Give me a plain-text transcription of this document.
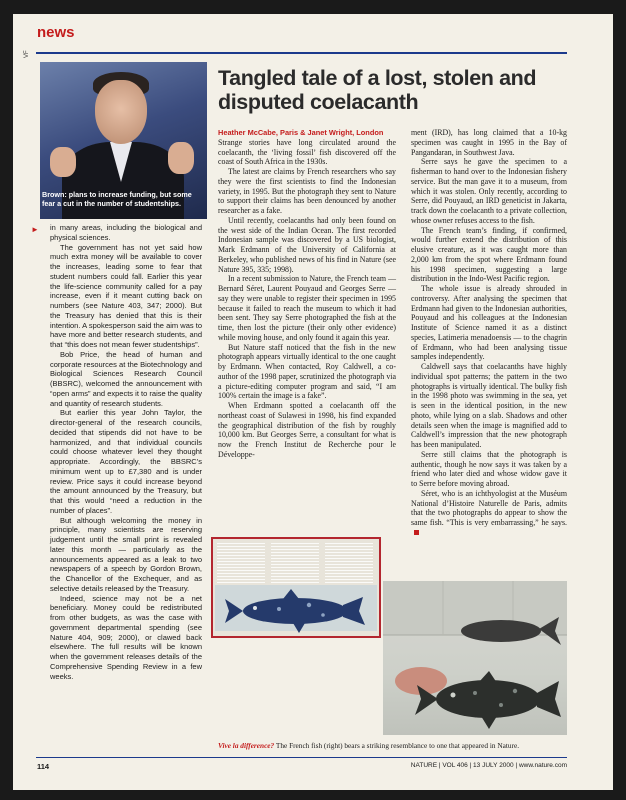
news
VF
Brown: plans to increase funding, but some fear a cut in the number of studentships.
► in many areas, including the biological and physical sciences.

The government has not yet said how much extra money will be available to cover the increases, leading some to fear that student numbers could fall. Earlier this year the life-science community called for a pay increase, even if it meant cutting back on numbers (see Nature 403, 347; 2000). But the Treasury has denied that this is their intention. A spokesperson said the aim was to have more and better research students, and that “this does not mean fewer studentships”.

Bob Price, the head of human and corporate resources at the Biotechnology and Biological Sciences Research Council (BBSRC), welcomed the announcement with “open arms” and expects it to raise the quality and quantity of research students.

But earlier this year John Taylor, the director-general of the research councils, decided that stipends did not have to be harmonized, and that individual councils could choose whatever level they thought appropriate. Accordingly, the BBSRC’s minimum went up to £7,380 and is under review. Price says it could increase beyond the amount announced by the Treasury, but that this would “need a reduction in the number of places”.

But although welcoming the money in principle, many scientists are reserving judgement until the small print is revealed later this month — particularly as the announcements appeared as a leak to two newspapers of a speech by Gordon Brown, the Chancellor of the Exchequer, and as selective details released by the Treasury.

Indeed, science may not be a net beneficiary. Money could be redistributed from other budgets, as was the case with government departmental spending (see Nature 404, 909; 2000), or clawed back elsewhere. The full results will be known when the government releases details of the Comprehensive Spending Review in a few weeks.

Tangled tale of a lost, stolen and disputed coelacanth
Heather McCabe, Paris & Janet Wright, London

Strange stories have long circulated around the coelacanth, the ‘living fossil’ fish discovered off the coast of South Africa in the 1930s.

The latest are claims by French researchers who say they were the first scientists to find the Indonesian variety, in 1995. But the photograph they sent to Nature to support their claims has been denounced by another researcher as a fake.

Until recently, coelacanths had only been found on the west side of the Indian Ocean. The first recorded Indonesian sample was discovered by a US biologist, Mark Erdmann of the University of California at Berkeley, who published news of his find in Nature (see Nature 395, 335; 1998).

In a recent submission to Nature, the French team — Bernard Séret, Laurent Pouyaud and Georges Serre — say they were unable to register their specimen in 1995 because it failed to reach the museum to which it had been sent. They say Serre photographed the fish at the time, then lost the picture (their only other evidence) while moving house, and only found it again this year.

But Nature staff noticed that the fish in the new photograph appears virtually identical to the one caught by Erdmann. When contacted, Roy Caldwell, a co-author of the 1998 paper, scrutinized the photograph via a picture-editing computer program and said, “I am 100% certain the image is a fake”.

When Erdmann spotted a coelacanth off the northeast coast of Sulawesi in 1998, his find expanded the geographical distribution of the fish by roughly 10,000 km. But Georges Serre, a consultant for what is now the French Institut de Recherche pour le Développe-

ment (IRD), has long claimed that a 10-kg specimen was caught in 1995 in the Bay of Pangandaran, in Southwest Java.

Serre says he gave the specimen to a fisherman to hand over to the Indonesian fishery service. But the man gave it to a museum, from which it was stolen. Only recently, according to Serre, did Pouyaud, an IRD geneticist in Jakarta, track down the coelacanth to a private collection, whose owner refuses access to the fish.

The French team’s finding, if confirmed, would further extend the distribution of this elusive creature, as it was caught more than 2,000 km from the spot where Erdmann found his 1998 specimen, suggesting a large distribution in the Indo-West Pacific region.

The whole issue is already shrouded in controversy. After analysing the specimen that Erdmann had given to the Indonesian authorities, Pouyaud and his colleagues at the Indonesian Institute of Science named it as a distinct species, Latimeria menadoensis — to the chagrin of Erdmann, who had been analysing tissue samples independently.

Caldwell says that coelacanths have highly individual spot patterns; the pattern in the two photographs is virtually identical. The bulky fish in the 1998 photo was swimming in the sea, yet is seen in the identical position, in the new photo, while lying on a slab. Shadows and other details seen when the image is magnified add to Caldwell’s impression that the new photograph has been manipulated.

Serre still claims that the photograph is authentic, though he now says it was taken by a friend who later died and whose widow gave it to Serre before moving abroad.

Séret, who is an ichthyologist at the Muséum National d’Histoire Naturelle de Paris, admits that the two photographs do appear to show the same fish. “This is very embarrassing,” he says.

Vive la difference? The French fish (right) bears a striking resemblance to one that appeared in Nature.
114	NATURE | VOL 406 | 13 JULY 2000 | www.nature.com
